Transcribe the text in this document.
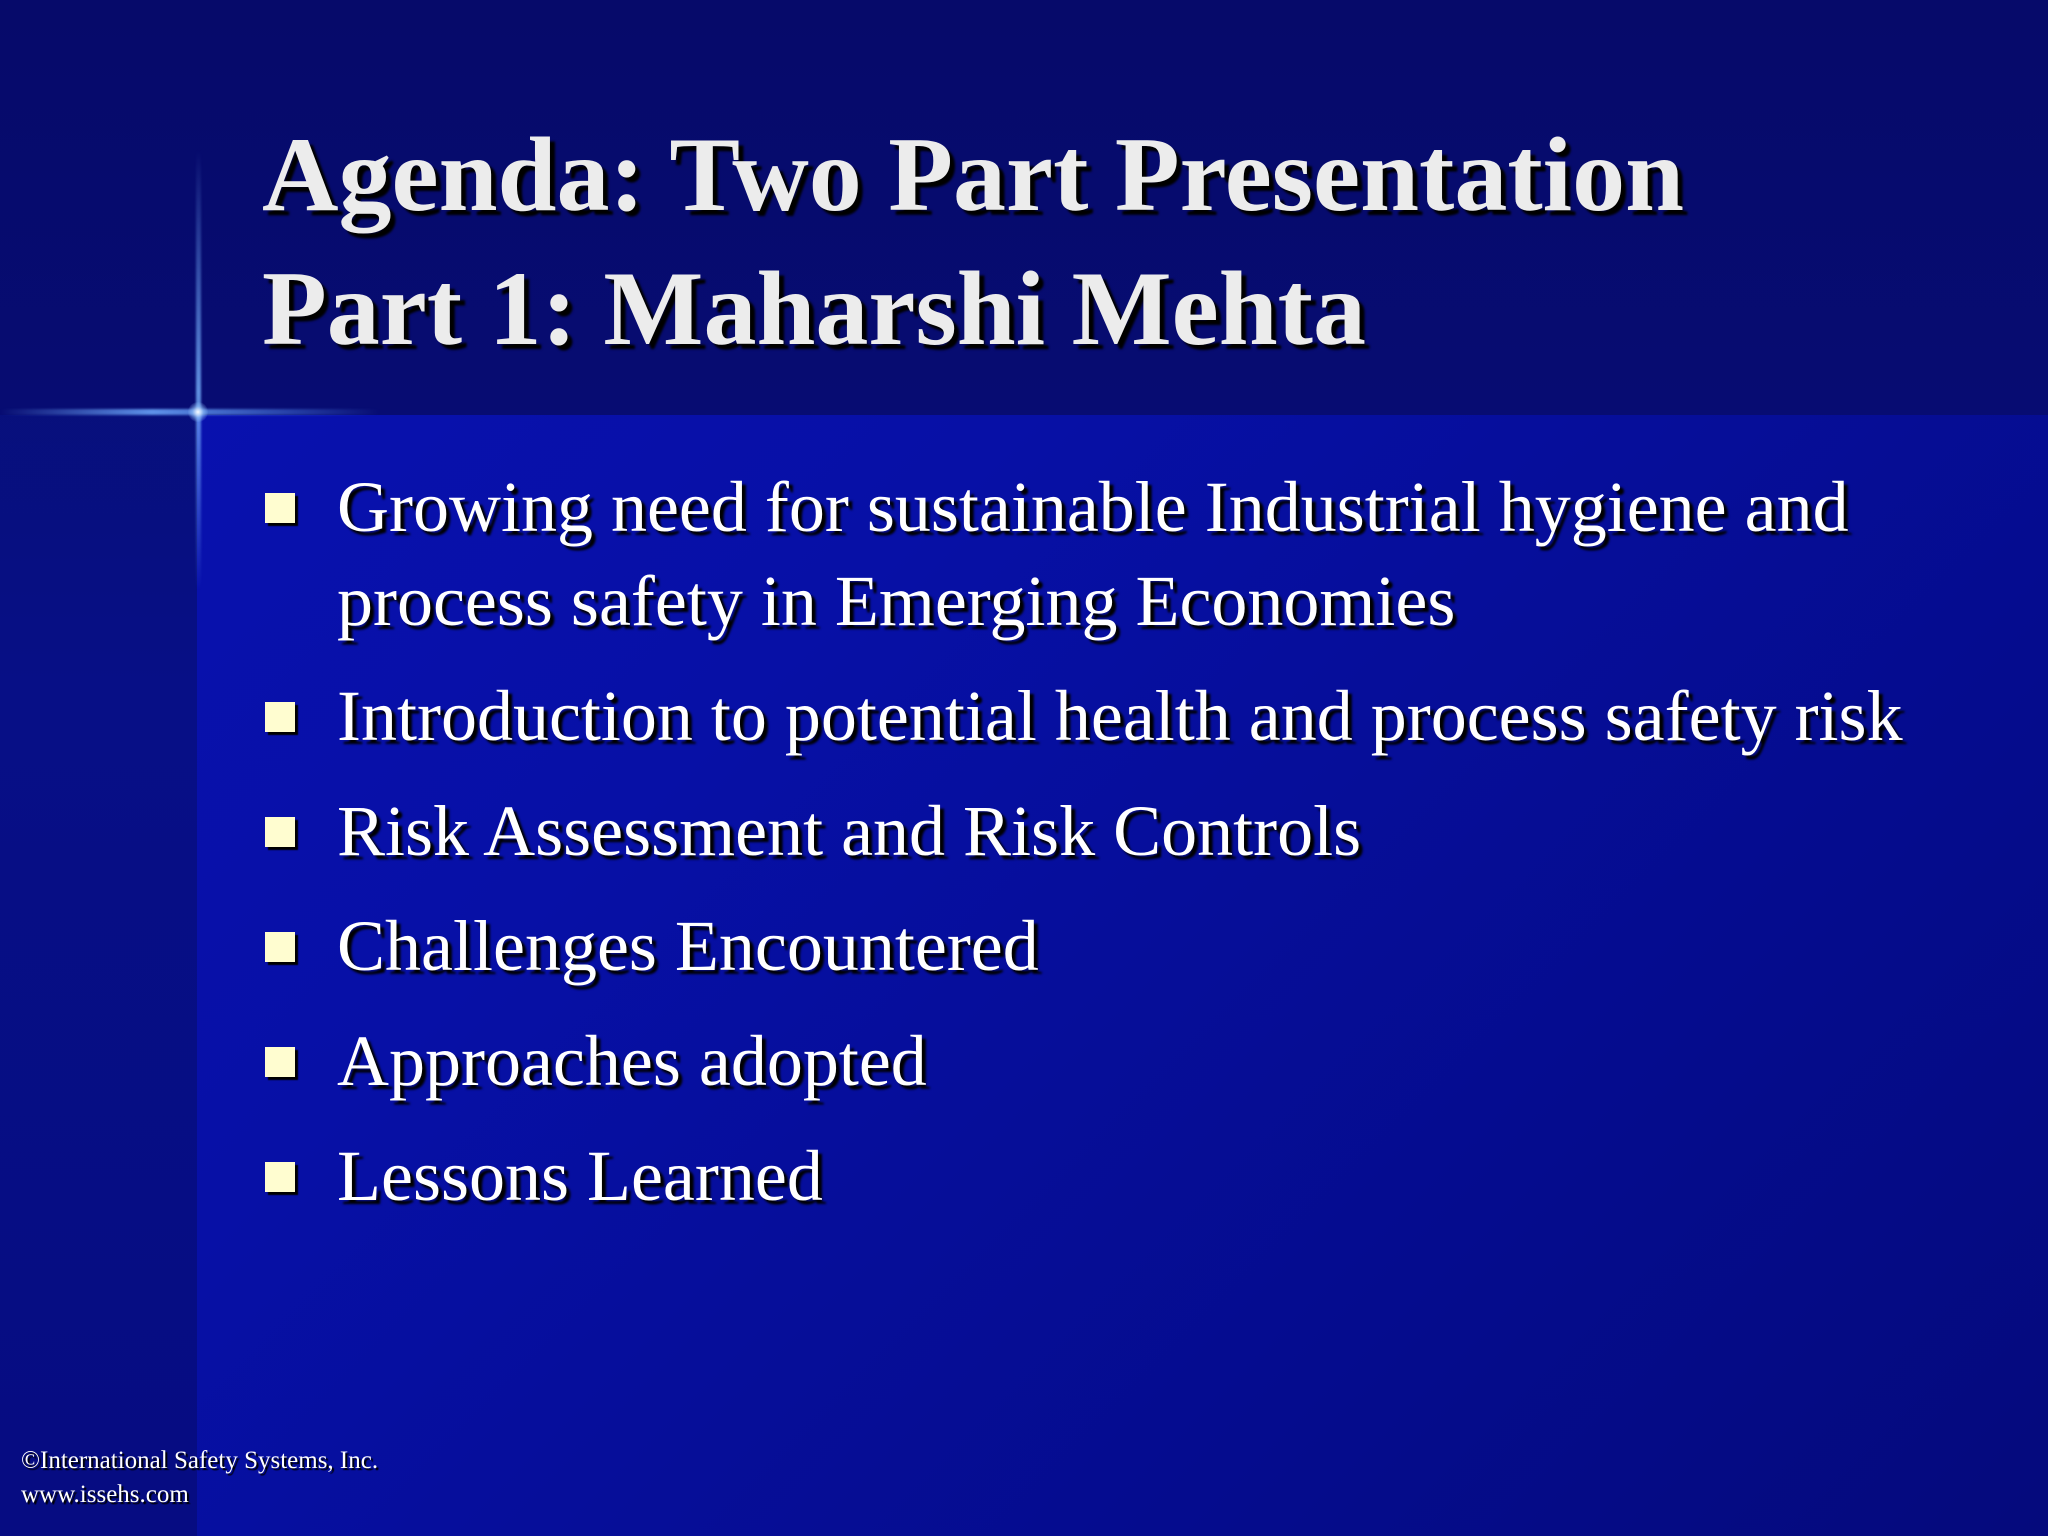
Agenda: Two Part Presentation
Part 1: Maharshi Mehta
Growing need for sustainable Industrial hygiene and process safety in Emerging Economies
Introduction to potential health and process safety risk
Risk Assessment and Risk Controls
Challenges Encountered
Approaches adopted
Lessons Learned
©International Safety Systems, Inc.
www.issehs.com
